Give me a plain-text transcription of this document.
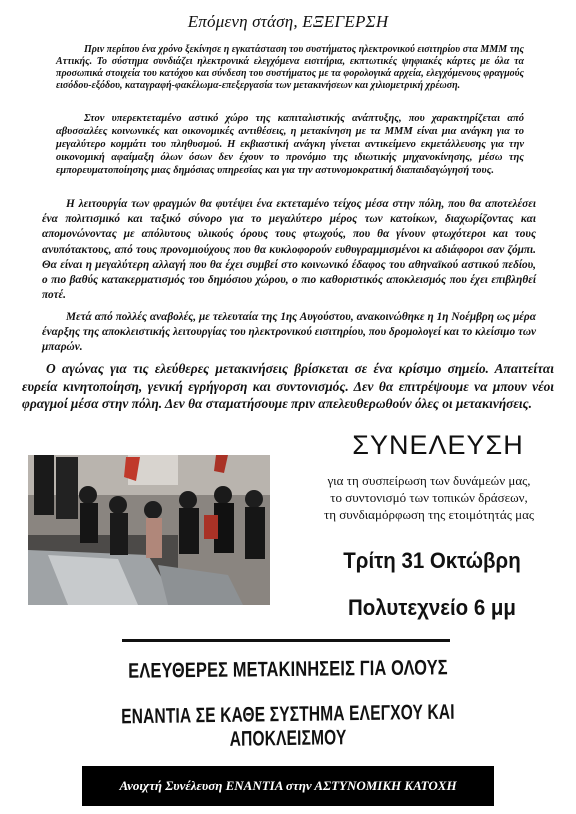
Επόμενη στάση, ΕΞΕΓΕΡΣΗ

Πριν περίπου ένα χρόνο ξεκίνησε η εγκατάσταση του συστήματος ηλεκτρονικού εισιτηρίου στα ΜΜΜ της Αττικής. Το σύστημα συνδιάζει ηλεκτρονικά ελεγχόμενα εισιτήρια, εκπτωτικές ψηφιακές κάρτες με όλα τα προσωπικά στοιχεία του κατόχου και σύνδεση του συστήματος με τα φορολογικά αρχεία, ελεγχόμενους φραγμούς εισόδου-εξόδου, καταγραφή-φακέλωμα-επεξεργασία των μετακινήσεων και χιλιομετρική χρέωση.

Στον υπερεκτεταμένο αστικό χώρο της καπιταλιστικής ανάπτυξης, που χαρακτηρίζεται από αβυσσαλέες κοινωνικές και οικονομικές αντιθέσεις, η μετακίνηση με τα ΜΜΜ είναι μια ανάγκη για το μεγαλύτερο κομμάτι του πληθυσμού. Η εκβιαστική ανάγκη γίνεται αντικείμενο εκμετάλλευσης για την οικονομική αφαίμαξη όλων όσων δεν έχουν το προνόμιο της ιδιωτικής μηχανοκίνησης, μέσω της εμπορευματοποίησης μιας δημόσιας υπηρεσίας και για την αστυνομοκρατική διαπαιδαγώγησή τους.

Η λειτουργία των φραγμών θα φυτέψει ένα εκτεταμένο τείχος μέσα στην πόλη, που θα αποτελέσει ένα πολιτισμικό και ταξικό σύνορο για το μεγαλύτερο μέρος των κατοίκων, διαχωρίζοντας και απομονώνοντας με απόλυτους υλικούς όρους τους φτωχούς, που θα γίνουν φτωχότεροι και τους ανυπότακτους, από τους προνομιούχους που θα κυκλοφορούν ευθυγραμμισμένοι κι αδιάφοροι σαν ζόμπι. Θα είναι η μεγαλύτερη αλλαγή που θα έχει συμβεί στο κοινωνικό έδαφος του αθηναϊκού αστικού πεδίου, ο πιο βαθύς κατακερματισμός του δημόσιου χώρου, ο πιο καθοριστικός αποκλεισμός που έχει επιβληθεί ποτέ.

Μετά από πολλές αναβολές, με τελευταία της 1ης Αυγούστου, ανακοινώθηκε η 1η Νοέμβρη ως μέρα έναρξης της αποκλειστικής λειτουργίας του ηλεκτρονικού εισιτηρίου, που δρομολογεί και το κλείσιμο των μπαρών.

Ο αγώνας για τις ελεύθερες μετακινήσεις βρίσκεται σε ένα κρίσιμο σημείο. Απαιτείται ευρεία κινητοποίηση, γενική εγρήγορση και συντονισμός. Δεν θα επιτρέψουμε να μπουν νέοι φραγμοί μέσα στην πόλη. Δεν θα σταματήσουμε πριν απελευθερωθούν όλες οι μετακινήσεις.

ΣΥΝΕΛΕΥΣΗ
για τη συσπείρωση των δυνάμεών μας,
το συντονισμό των τοπικών δράσεων,
τη συνδιαμόρφωση της ετοιμότητάς μας
Τρίτη 31 Οκτώβρη
Πολυτεχνείο 6 μμ
ΕΛΕΥΘΕΡΕΣ ΜΕΤΑΚΙΝΗΣΕΙΣ ΓΙΑ ΟΛΟΥΣ
ΕΝΑΝΤΙΑ ΣΕ ΚΑΘΕ ΣΥΣΤΗΜΑ ΕΛΕΓΧΟΥ ΚΑΙ ΑΠΟΚΛΕΙΣΜΟΥ
Ανοιχτή Συνέλευση ΕΝΑΝΤΙΑ στην ΑΣΤΥΝΟΜΙΚΗ ΚΑΤΟΧΗ
